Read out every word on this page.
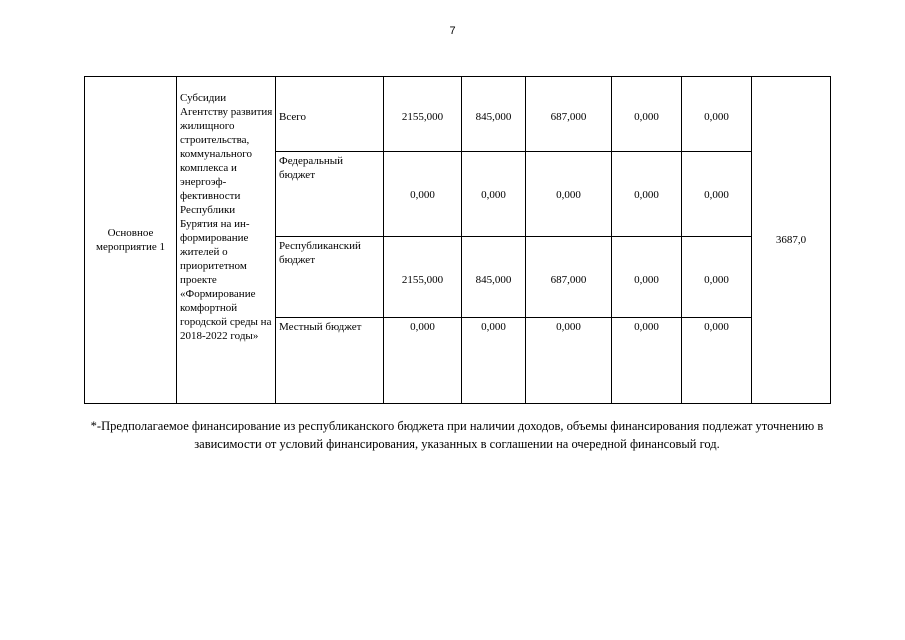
7
Основное мероприятие 1	Субсидии Агентству развития жилищного строительства, коммунального комплекса и энергоэф-фективности Республики Бурятия на ин-формирование жителей о приоритетном проекте «Формирование комфортной городской среды на 2018-2022 годы»	Всего	2155,000	845,000	687,000	0,000	0,000	3687,0
		Федеральный бюджет	0,000	0,000	0,000	0,000	0,000	
		Республиканский бюджет	2155,000	845,000	687,000	0,000	0,000	
		Местный бюджет	0,000	0,000	0,000	0,000	0,000	
*-Предполагаемое финансирование из республиканского бюджета при наличии доходов, объемы финансирования подлежат уточнению в зависимости от условий финансирования, указанных в соглашении на очередной финансовый год.
